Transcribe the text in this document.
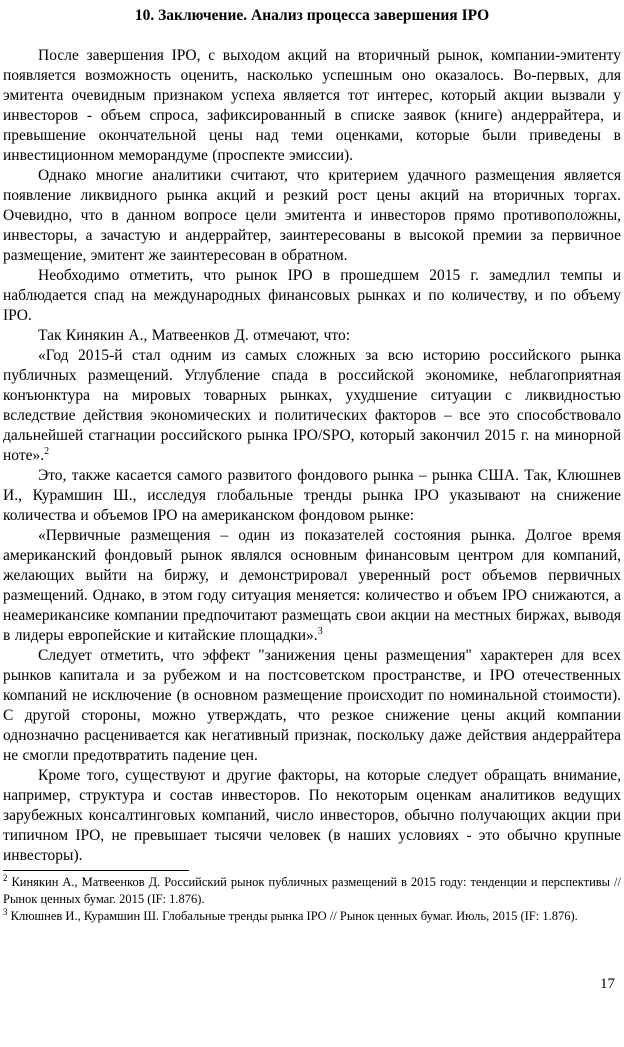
10. Заключение. Анализ процесса завершения IPO

После завершения IPO, с выходом акций на вторичный рынок, компании-эмитенту появляется возможность оценить, насколько успешным оно оказалось. Во-первых, для эмитента очевидным признаком успеха является тот интерес, который акции вызвали у инвесторов - объем спроса, зафиксированный в списке заявок (книге) андеррайтера, и превышение окончательной цены над теми оценками, которые были приведены в инвестиционном меморандуме (проспекте эмиссии).

Однако многие аналитики считают, что критерием удачного размещения является появление ликвидного рынка акций и резкий рост цены акций на вторичных торгах. Очевидно, что в данном вопросе цели эмитента и инвесторов прямо противоположны, инвесторы, а зачастую и андеррайтер, заинтересованы в высокой премии за первичное размещение, эмитент же заинтересован в обратном.

Необходимо отметить, что рынок IPO в прошедшем 2015 г. замедлил темпы и наблюдается спад на международных финансовых рынках и по количеству, и по объему IPO.

Так Кинякин А., Матвеенков Д. отмечают, что:

«Год 2015-й стал одним из самых сложных за всю историю российского рынка публичных размещений. Углубление спада в российской экономике, неблагоприятная конъюнктура на мировых товарных рынках, ухудшение ситуации с ликвидностью вследствие действия экономических и политических факторов – все это способствовало дальнейшей стагнации российского рынка IPO/SPO, который закончил 2015 г. на минорной ноте».$^2$

Это, также касается самого развитого фондового рынка – рынка США. Так, Клюшнев И., Курамшин Ш., исследуя глобальные тренды рынка IPO указывают на снижение количества и объемов IPO на американском фондовом рынке:

«Первичные размещения – один из показателей состояния рынка. Долгое время американский фондовый рынок являлся основным финансовым центром для компаний, желающих выйти на биржу, и демонстрировал уверенный рост объемов первичных размещений. Однако, в этом году ситуация меняется: количество и объем IPO снижаются, а неамерикансике компании предпочитают размещать свои акции на местных биржах, выводя в лидеры европейские и китайские площадки».$^3$

Следует отметить, что эффект "занижения цены размещения" характерен для всех рынков капитала и за рубежом и на постсоветском пространстве, и IPO отечественных компаний не исключение (в основном размещение происходит по номинальной стоимости). С другой стороны, можно утверждать, что резкое снижение цены акций компании однозначно расценивается как негативный признак, поскольку даже действия андеррайтера не смогли предотвратить падение цен.

Кроме того, существуют и другие факторы, на которые следует обращать внимание, например, структура и состав инвесторов. По некоторым оценкам аналитиков ведущих зарубежных консалтинговых компаний, число инвесторов, обычно получающих акции при типичном IPO, не превышает тысячи человек (в наших условиях - это обычно крупные инвесторы).

$^2$ Кинякин А., Матвеенков Д. Российский рынок публичных размещений в 2015 году: тенденции и перспективы // Рынок ценных бумаг. 2015 (IF: 1.876).

$^3$ Клюшнев И., Курамшин Ш. Глобальные тренды рынка IPO // Рынок ценных бумаг. Июль, 2015 (IF: 1.876).

17
